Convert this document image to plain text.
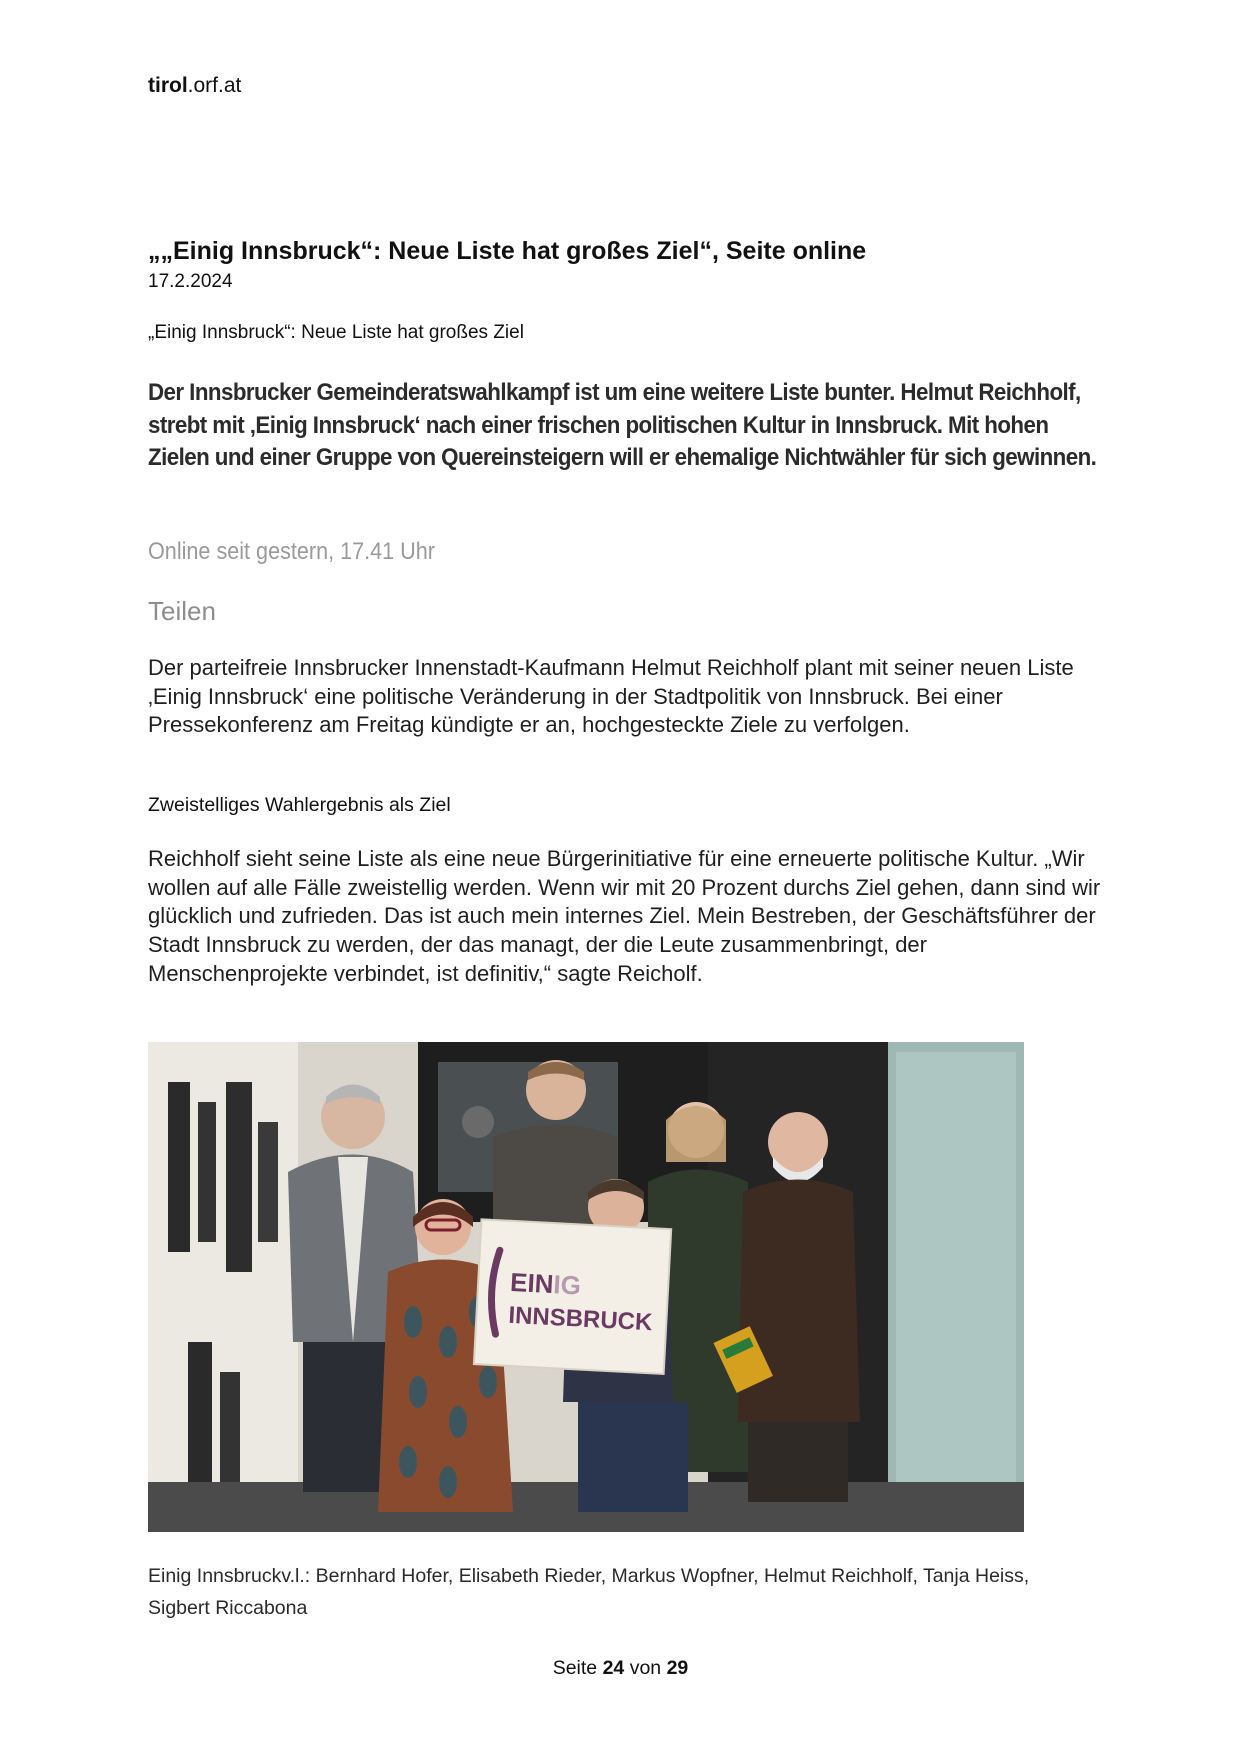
tirol.orf.at
„„Einig Innsbruck“: Neue Liste hat großes Ziel“, Seite online
17.2.2024
„Einig Innsbruck“: Neue Liste hat großes Ziel
Der Innsbrucker Gemeinderatswahlkampf ist um eine weitere Liste bunter. Helmut Reichholf, strebt mit ‚Einig Innsbruck‘ nach einer frischen politischen Kultur in Innsbruck. Mit hohen Zielen und einer Gruppe von Quereinsteigern will er ehemalige Nichtwähler für sich gewinnen.
Online seit gestern, 17.41 Uhr
Teilen
Der parteifreie Innsbrucker Innenstadt-Kaufmann Helmut Reichholf plant mit seiner neuen Liste ‚Einig Innsbruck‘ eine politische Veränderung in der Stadtpolitik von Innsbruck. Bei einer Pressekonferenz am Freitag kündigte er an, hochgesteckte Ziele zu verfolgen.
Zweistelliges Wahlergebnis als Ziel
Reichholf sieht seine Liste als eine neue Bürgerinitiative für eine erneuerte politische Kultur. „Wir wollen auf alle Fälle zweistellig werden. Wenn wir mit 20 Prozent durchs Ziel gehen, dann sind wir glücklich und zufrieden. Das ist auch mein internes Ziel. Mein Bestreben, der Geschäftsführer der Stadt Innsbruck zu werden, der das managt, der die Leute zusammenbringt, der Menschenprojekte verbindet, ist definitiv,“ sagte Reicholf.
EINIG
INNSBRUCK
Einig Innsbruckv.l.: Bernhard Hofer, Elisabeth Rieder, Markus Wopfner, Helmut Reichholf, Tanja Heiss, Sigbert Riccabona
Seite 24 von 29
